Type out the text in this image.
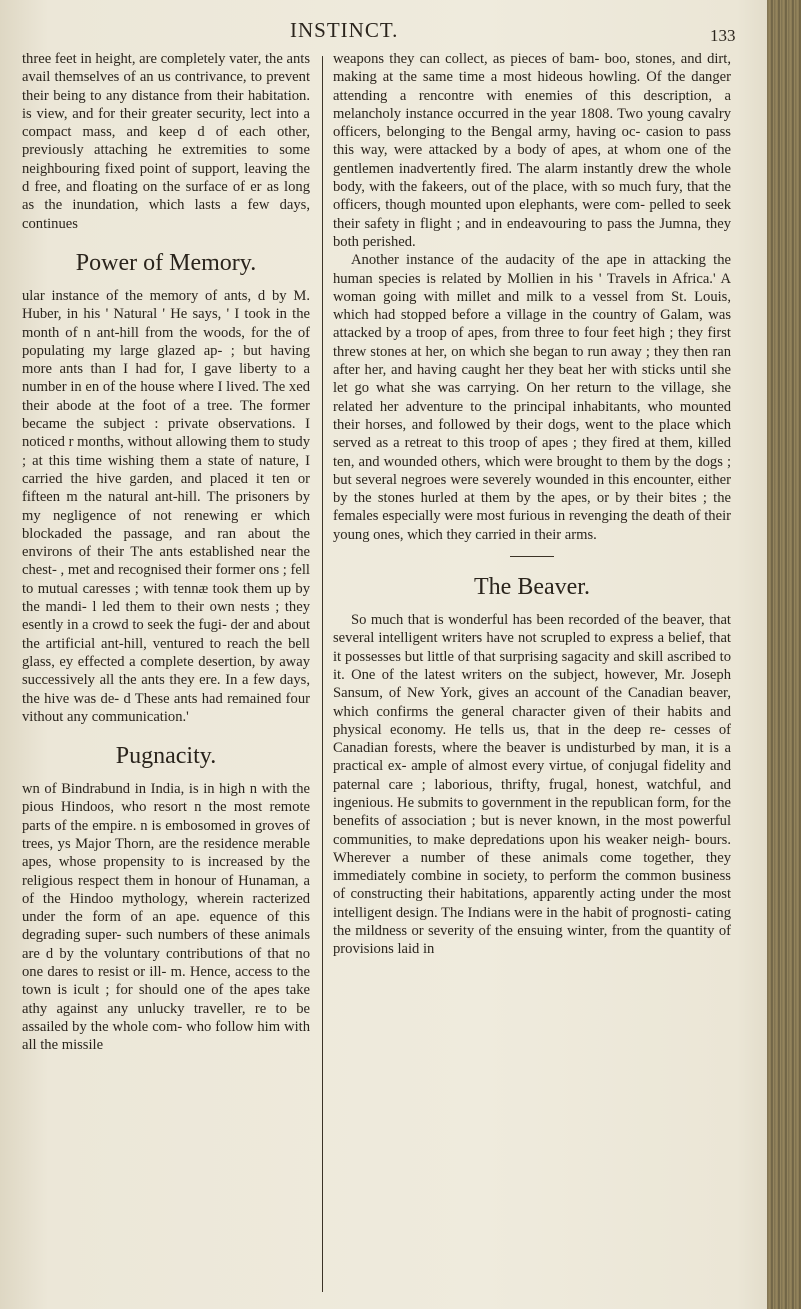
INSTINCT.	133

three feet in height, are completely vater, the ants avail themselves of an us contrivance, to prevent their being to any distance from their habitation. is view, and for their greater security, lect into a compact mass, and keep d of each other, previously attaching he extremities to some neighbouring fixed point of support, leaving the d free, and floating on the surface of er as long as the inundation, which lasts a few days, continues

Power of Memory.

ular instance of the memory of ants, d by M. Huber, in his ' Natural ' He says, ' I took in the month of n ant-hill from the woods, for the of populating my large glazed ap- ; but having more ants than I had for, I gave liberty to a number in en of the house where I lived. The xed their abode at the foot of a tree. The former became the subject : private observations. I noticed r months, without allowing them to study ; at this time wishing them a state of nature, I carried the hive garden, and placed it ten or fifteen m the natural ant-hill. The prisoners by my negligence of not renewing er which blockaded the passage, and ran about the environs of their The ants established near the chest- , met and recognised their former ons ; fell to mutual caresses ; with tennæ took them up by the mandi- l led them to their own nests ; they esently in a crowd to seek the fugi- der and about the artificial ant-hill, ventured to reach the bell glass, ey effected a complete desertion, by away successively all the ants they ere. In a few days, the hive was de- d These ants had remained four vithout any communication.'

Pugnacity.

wn of Bindrabund in India, is in high n with the pious Hindoos, who resort n the most remote parts of the empire. n is embosomed in groves of trees, ys Major Thorn, are the residence merable apes, whose propensity to is increased by the religious respect them in honour of Hunaman, a of the Hindoo mythology, wherein racterized under the form of an ape. equence of this degrading super- such numbers of these animals are d by the voluntary contributions of that no one dares to resist or ill- m. Hence, access to the town is icult ; for should one of the apes take athy against any unlucky traveller, re to be assailed by the whole com- who follow him with all the missile

weapons they can collect, as pieces of bam- boo, stones, and dirt, making at the same time a most hideous howling. Of the danger attending a rencontre with enemies of this description, a melancholy instance occurred in the year 1808. Two young cavalry officers, belonging to the Bengal army, having oc- casion to pass this way, were attacked by a body of apes, at whom one of the gentlemen inadvertently fired. The alarm instantly drew the whole body, with the fakeers, out of the place, with so much fury, that the officers, though mounted upon elephants, were com- pelled to seek their safety in flight ; and in endeavouring to pass the Jumna, they both perished.

Another instance of the audacity of the ape in attacking the human species is related by Mollien in his ' Travels in Africa.' A woman going with millet and milk to a vessel from St. Louis, which had stopped before a village in the country of Galam, was attacked by a troop of apes, from three to four feet high ; they first threw stones at her, on which she began to run away ; they then ran after her, and having caught her they beat her with sticks until she let go what she was carrying. On her return to the village, she related her adventure to the principal inhabitants, who mounted their horses, and followed by their dogs, went to the place which served as a retreat to this troop of apes ; they fired at them, killed ten, and wounded others, which were brought to them by the dogs ; but several negroes were severely wounded in this encounter, either by the stones hurled at them by the apes, or by their bites ; the females especially were most furious in revenging the death of their young ones, which they carried in their arms.

The Beaver.

So much that is wonderful has been recorded of the beaver, that several intelligent writers have not scrupled to express a belief, that it possesses but little of that surprising sagacity and skill ascribed to it. One of the latest writers on the subject, however, Mr. Joseph Sansum, of New York, gives an account of the Canadian beaver, which confirms the general character given of their habits and physical economy. He tells us, that in the deep re- cesses of Canadian forests, where the beaver is undisturbed by man, it is a practical ex- ample of almost every virtue, of conjugal fidelity and paternal care ; laborious, thrifty, frugal, honest, watchful, and ingenious. He submits to government in the republican form, for the benefits of association ; but is never known, in the most powerful communities, to make depredations upon his weaker neigh- bours. Wherever a number of these animals come together, they immediately combine in society, to perform the common business of constructing their habitations, apparently acting under the most intelligent design. The Indians were in the habit of prognosti- cating the mildness or severity of the ensuing winter, from the quantity of provisions laid in
